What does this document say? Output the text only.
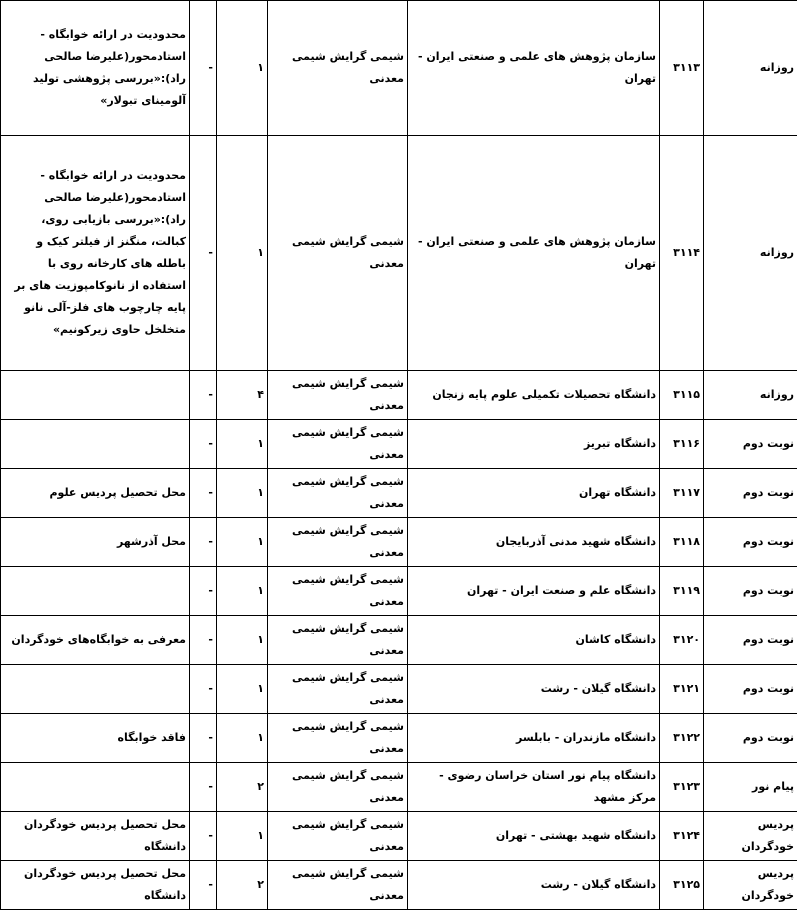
روزانه	۳۱۱۳	سازمان پژوهش های علمی و صنعتی ایران - تهران	شیمی گرایش شیمی معدنی	۱	-	محدودیت در ارائه خوابگاه - استادمحور(علیرضا صالحی راد):«بررسی پژوهشی تولید آلومینای تبولار»
روزانه	۳۱۱۴	سازمان پژوهش های علمی و صنعتی ایران - تهران	شیمی گرایش شیمی معدنی	۱	-	محدودیت در ارائه خوابگاه - استادمحور(علیرضا صالحی راد):«بررسی بازیابی روی، کبالت، منگنز از فیلتر کیک و باطله های کارخانه روی با استفاده از نانوکامپوزیت های بر پایه چارچوب های فلز-آلی نانو متخلخل حاوی زیرکونیم»
روزانه	۳۱۱۵	دانشگاه تحصیلات تکمیلی علوم پایه زنجان	شیمی گرایش شیمی معدنی	۴	-	
نوبت دوم	۳۱۱۶	دانشگاه تبریز	شیمی گرایش شیمی معدنی	۱	-	
نوبت دوم	۳۱۱۷	دانشگاه تهران	شیمی گرایش شیمی معدنی	۱	-	محل تحصیل پردیس علوم
نوبت دوم	۳۱۱۸	دانشگاه شهید مدنی آذربایجان	شیمی گرایش شیمی معدنی	۱	-	محل آذرشهر
نوبت دوم	۳۱۱۹	دانشگاه علم و صنعت ایران - تهران	شیمی گرایش شیمی معدنی	۱	-	
نوبت دوم	۳۱۲۰	دانشگاه کاشان	شیمی گرایش شیمی معدنی	۱	-	معرفی به خوابگاه‌های خودگردان
نوبت دوم	۳۱۲۱	دانشگاه گیلان - رشت	شیمی گرایش شیمی معدنی	۱	-	
نوبت دوم	۳۱۲۲	دانشگاه مازندران - بابلسر	شیمی گرایش شیمی معدنی	۱	-	فاقد خوابگاه
پیام نور	۳۱۲۳	دانشگاه پیام نور استان خراسان رضوی - مرکز مشهد	شیمی گرایش شیمی معدنی	۲	-	
پردیس خودگردان	۳۱۲۴	دانشگاه شهید بهشتی - تهران	شیمی گرایش شیمی معدنی	۱	-	محل تحصیل پردیس خودگردان دانشگاه
پردیس خودگردان	۳۱۲۵	دانشگاه گیلان - رشت	شیمی گرایش شیمی معدنی	۲	-	محل تحصیل پردیس خودگردان دانشگاه
